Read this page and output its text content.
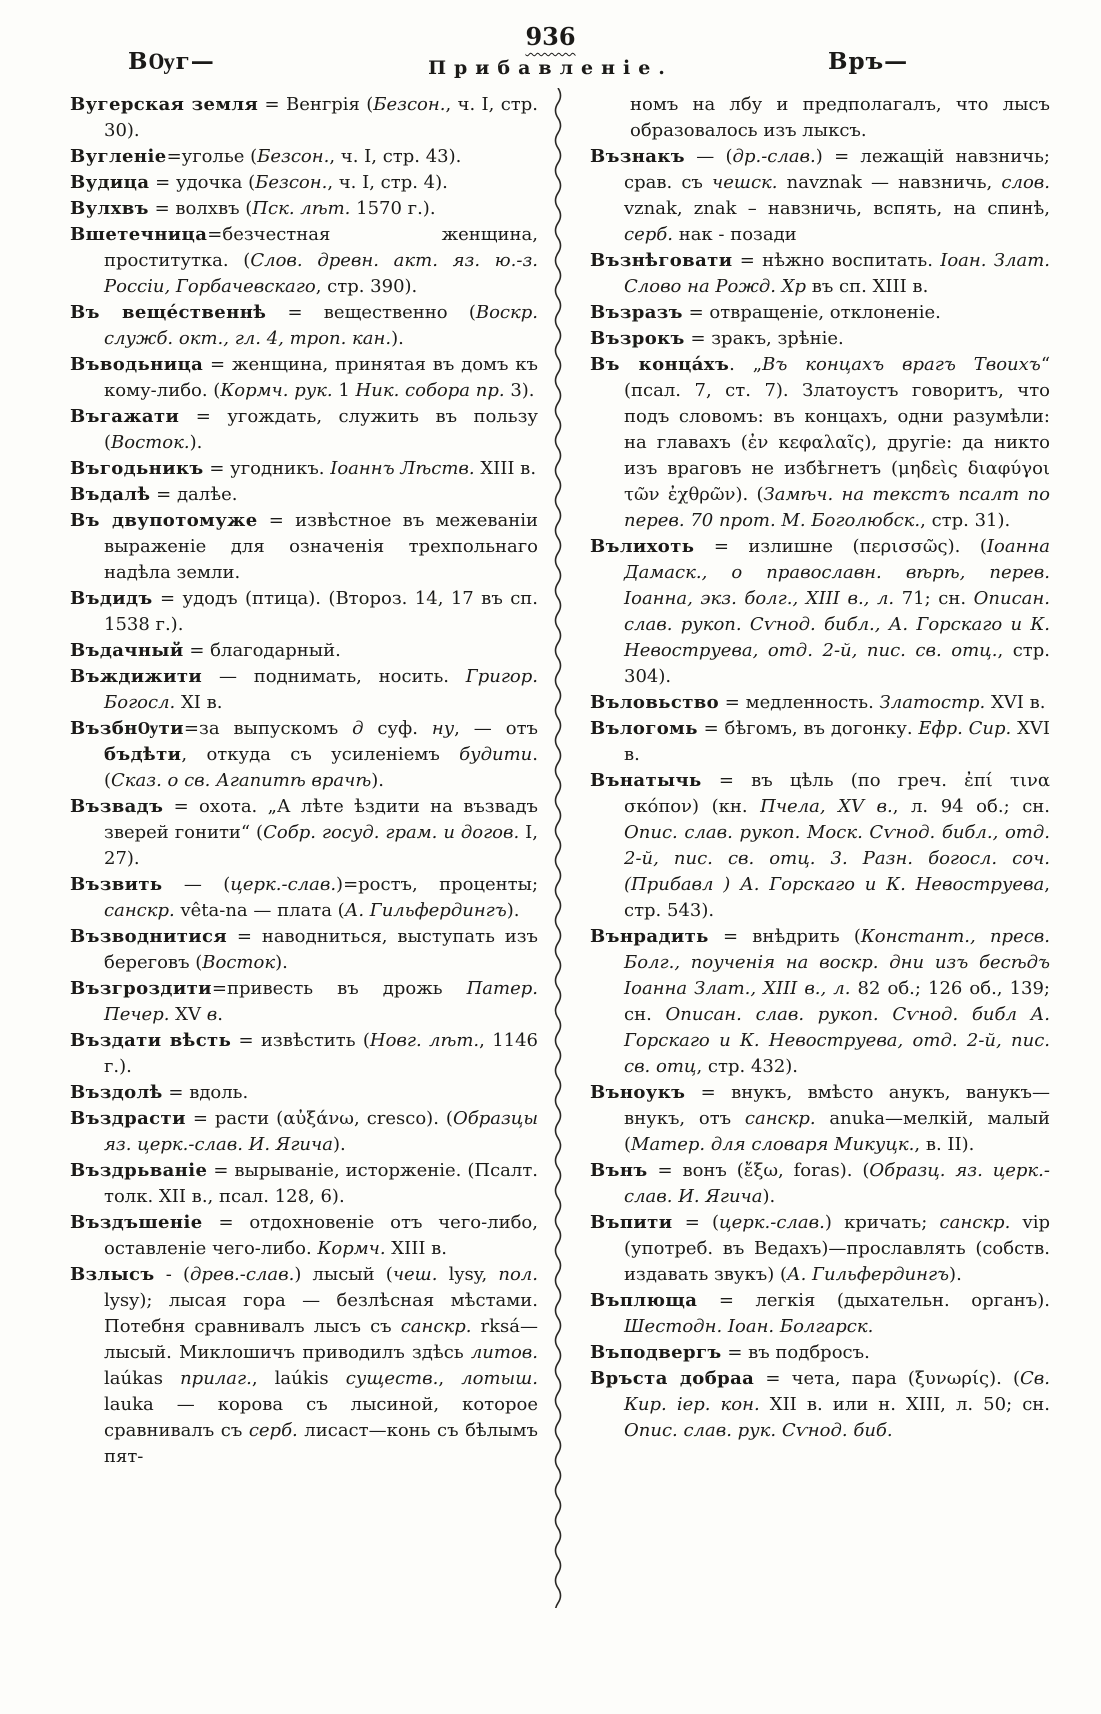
936
ВѸг—	Прибавленіе.	Връ—

Вугерская земля = Венгрія (Безсон., ч. I, стр. 30).

Вугленіе=уголье (Безсон., ч. I, стр. 43).

Вудица = удочка (Безсон., ч. I, стр. 4).

Вулхвъ = волхвъ (Пск. лѣт. 1570 г.).

Вшетечница=безчестная женщина, проститутка. (Слов. древн. акт. яз. ю.-з. Россіи, Горбачевскаго, стр. 390).

Въ веще́ственнѣ = вещественно (Воскр. служб. окт., гл. 4, троп. кан.).

Въводьница = женщина, принятая въ домъ къ кому-либо. (Кормч. рук. 1 Ник. собора пр. 3).

Въгажати = угождать, служить въ пользу (Восток.).

Въгодьникъ = угодникъ. Іоаннъ Лѣств. XIII в.

Въдалѣ = далѣе.

Въ двупотомуже = извѣстное въ межеваніи выраженіе для означенія трехпольнаго надѣла земли.

Въдидъ = удодъ (птица). (Второз. 14, 17 въ сп. 1538 г.).

Въдачный = благодарный.

Въждижити — поднимать, носить. Григор. Богосл. XI в.

ВъзбнѸти=за выпускомъ д суф. ну, — отъ бъдѣти, откуда съ усиленіемъ будити. (Сказ. о св. Агапитѣ врачѣ).

Възвадъ = охота. „А лѣте ѣздити на възвадъ зверей гонити“ (Собр. госуд. грам. и догов. I, 27).

Възвить — (церк.-слав.)=ростъ, проценты; санскр. vêta-na — плата (А. Гильфердингъ).

Възводнитися = наводниться, выступать изъ береговъ (Восток).

Възгроздити=привесть въ дрожь Патер. Печер. XV в.

Въздати вѣсть = извѣстить (Новг. лѣт., 1146 г.).

Въздолѣ = вдоль.

Въздрасти = расти (αὐξάνω, cresco). (Образцы яз. церк.-слав. И. Ягича).

Въздрьваніе = вырываніе, исторженіе. (Псалт. толк. XII в., псал. 128, 6).

Въздъшеніе = отдохновеніе отъ чего-либо, оставленіе чего-либо. Кормч. XIII в.

Взлысъ - (древ.-слав.) лысый (чеш. lysy, пол. lysy); лысая гора — безлѣсная мѣстами. Потебня сравнивалъ лысъ съ санскр. rksá—лысый. Миклошичъ приводилъ здѣсь литов. laúkas прилаг., laúkis существ., лотыш. lauka — корова съ лысиной, которое сравнивалъ съ серб. лисаст—конь съ бѣлымъ пят-

номъ на лбу и предполагалъ, что лысъ образовалось изъ лыксъ.

Възнакъ — (др.-слав.) = лежащій навзничь; срав. съ чешск. navznak — навзничь, слов. vznak, znak – навзничь, вспять, на спинѣ, серб. нак - позади

Възнѣговати = нѣжно воспитать. Іоан. Злат. Слово на Рожд. Хр въ сп. XIII в.

Възразъ = отвращеніе, отклоненіе.

Възрокъ = зракъ, зрѣніе.

Въ конца́хъ. „Въ концахъ врагъ Твоихъ“ (псал. 7, ст. 7). Златоустъ говоритъ, что подъ словомъ: въ концахъ, одни разумѣли: на главахъ (ἐν κεφαλαῖς), другіе: да никто изъ враговъ не избѣгнетъ (μηδεὶς διαφύγοι τῶν ἐχθρῶν). (Замѣч. на текстъ псалт по перев. 70 прот. М. Боголюбск., стр. 31).

Вълихоть = излишне (περισσῶς). (Іоанна Дамаск., о православн. вѣрѣ, перев. Іоанна, экз. болг., XIII в., л. 71; сн. Описан. слав. рукоп. Сѵнод. библ., А. Горскаго и К. Невоструева, отд. 2-й, пис. св. отц., стр. 304).

Въловьство = медленность. Златостр. XVI в.

Вълогомь = бѣгомъ, въ догонку. Ефр. Сир. XVI в.

Вънатычь = въ цѣль (по греч. ἐπί τινα σκόπον) (кн. Пчела, XV в., л. 94 об.; сн. Опис. слав. рукоп. Моск. Сѵнод. библ., отд. 2-й, пис. св. отц. 3. Разн. богосл. соч. (Прибавл ) А. Горскаго и К. Невоструева, стр. 543).

Вънрадить = внѣдрить (Констант., пресв. Болг., поученія на воскр. дни изъ бесѣдъ Іоанна Злат., XIII в., л. 82 об.; 126 об., 139; сн. Описан. слав. рукоп. Сѵнод. библ А. Горскаго и К. Невоструева, отд. 2-й, пис. св. отц, стр. 432).

Въноукъ = внукъ, вмѣсто анукъ, ванукъ—внукъ, отъ санскр. anuka—мелкій, малый (Матер. для словаря Микуцк., в. II).

Вънъ = вонъ (ἔξω, foras). (Образц. яз. церк.-слав. И. Ягича).

Въпити = (церк.-слав.) кричать; санскр. vip (употреб. въ Ведахъ)—прославлять (собств. издавать звукъ) (А. Гильфердингъ).

Въплюща = легкія (дыхательн. органъ). Шестодн. Іоан. Болгарск.

Въподвергъ = въ подбросъ.

Връста добраа = чета, пара (ξυνωρίς). (Св. Кир. іер. кон. XII в. или н. XIII, л. 50; сн. Опис. слав. рук. Сѵнод. биб.
